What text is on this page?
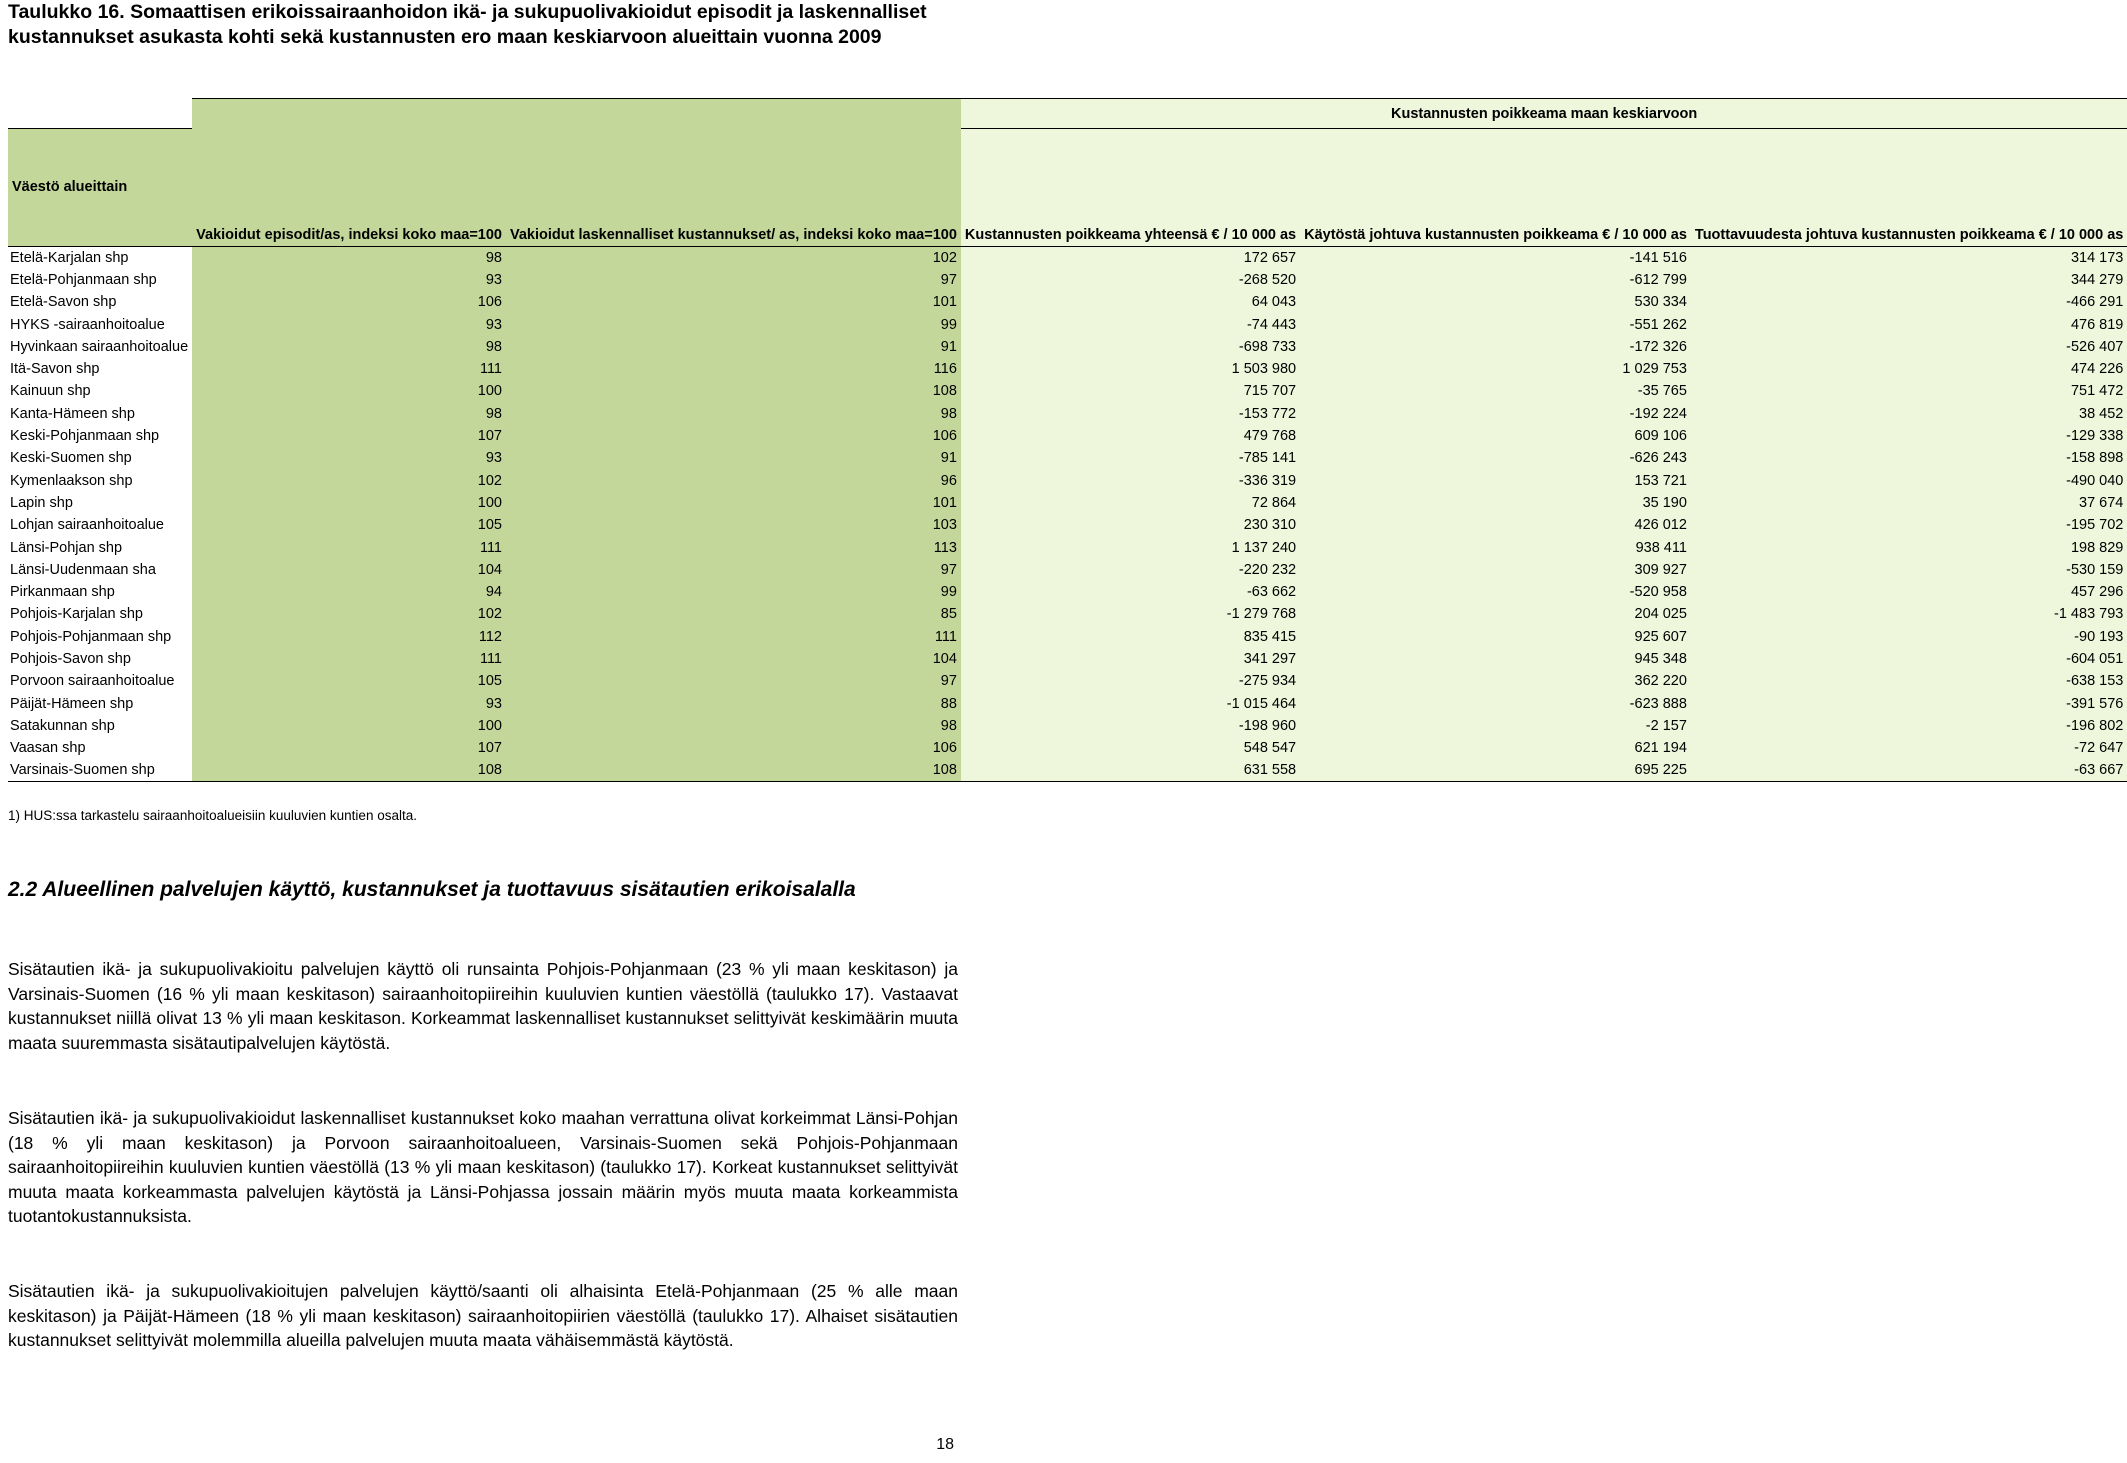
Taulukko 16. Somaattisen erikoissairaanhoidon ikä- ja sukupuolivakioidut episodit ja laskennalliset kustannukset asukasta kohti sekä kustannusten ero maan keskiarvoon alueittain vuonna 2009
			Kustannusten poikkeama maan keskiarvoon		
Väestö alueittain	Vakioidut episodit/as, indeksi koko maa=100	Vakioidut laskennalliset kustannukset/ as, indeksi koko maa=100	Kustannusten poikkeama yhteensä € / 10 000 as	Käytöstä johtuva kustannusten poikkeama € / 10 000 as	Tuottavuudesta johtuva kustannusten poikkeama € / 10 000 as
Etelä-Karjalan shp	98	102	172 657	-141 516	314 173
Etelä-Pohjanmaan shp	93	97	-268 520	-612 799	344 279
Etelä-Savon shp	106	101	64 043	530 334	-466 291
HYKS -sairaanhoitoalue	93	99	-74 443	-551 262	476 819
Hyvinkaan sairaanhoitoalue	98	91	-698 733	-172 326	-526 407
Itä-Savon shp	111	116	1 503 980	1 029 753	474 226
Kainuun shp	100	108	715 707	-35 765	751 472
Kanta-Hämeen shp	98	98	-153 772	-192 224	38 452
Keski-Pohjanmaan shp	107	106	479 768	609 106	-129 338
Keski-Suomen shp	93	91	-785 141	-626 243	-158 898
Kymenlaakson shp	102	96	-336 319	153 721	-490 040
Lapin shp	100	101	72 864	35 190	37 674
Lohjan sairaanhoitoalue	105	103	230 310	426 012	-195 702
Länsi-Pohjan shp	111	113	1 137 240	938 411	198 829
Länsi-Uudenmaan sha	104	97	-220 232	309 927	-530 159
Pirkanmaan shp	94	99	-63 662	-520 958	457 296
Pohjois-Karjalan shp	102	85	-1 279 768	204 025	-1 483 793
Pohjois-Pohjanmaan shp	112	111	835 415	925 607	-90 193
Pohjois-Savon shp	111	104	341 297	945 348	-604 051
Porvoon sairaanhoitoalue	105	97	-275 934	362 220	-638 153
Päijät-Hämeen shp	93	88	-1 015 464	-623 888	-391 576
Satakunnan shp	100	98	-198 960	-2 157	-196 802
Vaasan shp	107	106	548 547	621 194	-72 647
Varsinais-Suomen shp	108	108	631 558	695 225	-63 667
1) HUS:ssa tarkastelu sairaanhoitoalueisiin kuuluvien kuntien osalta.
2.2 Alueellinen palvelujen käyttö, kustannukset ja tuottavuus sisätautien erikoisalalla
Sisätautien ikä- ja sukupuolivakioitu palvelujen käyttö oli runsainta Pohjois-Pohjanmaan (23 % yli maan keskitason) ja Varsinais-Suomen (16 % yli maan keskitason) sairaanhoitopiireihin kuuluvien kuntien väestöllä (taulukko 17). Vastaavat kustannukset niillä olivat 13 % yli maan keskitason. Korkeammat laskennalliset kustannukset selittyivät keskimäärin muuta maata suuremmasta sisätautipalvelujen käytöstä.
Sisätautien ikä- ja sukupuolivakioidut laskennalliset kustannukset koko maahan verrattuna olivat korkeimmat Länsi-Pohjan (18 % yli maan keskitason) ja Porvoon sairaanhoitoalueen, Varsinais-Suomen sekä Pohjois-Pohjanmaan sairaanhoitopiireihin kuuluvien kuntien väestöllä (13 % yli maan keskitason) (taulukko 17). Korkeat kustannukset selittyivät muuta maata korkeammasta palvelujen käytöstä ja Länsi-Pohjassa jossain määrin myös muuta maata korkeammista tuotantokustannuksista.
Sisätautien ikä- ja sukupuolivakioitujen palvelujen käyttö/saanti oli alhaisinta Etelä-Pohjanmaan (25 % alle maan keskitason) ja Päijät-Hämeen (18 % yli maan keskitason) sairaanhoitopiirien väestöllä (taulukko 17). Alhaiset sisätautien kustannukset selittyivät molemmilla alueilla palvelujen muuta maata vähäisemmästä käytöstä.
18
